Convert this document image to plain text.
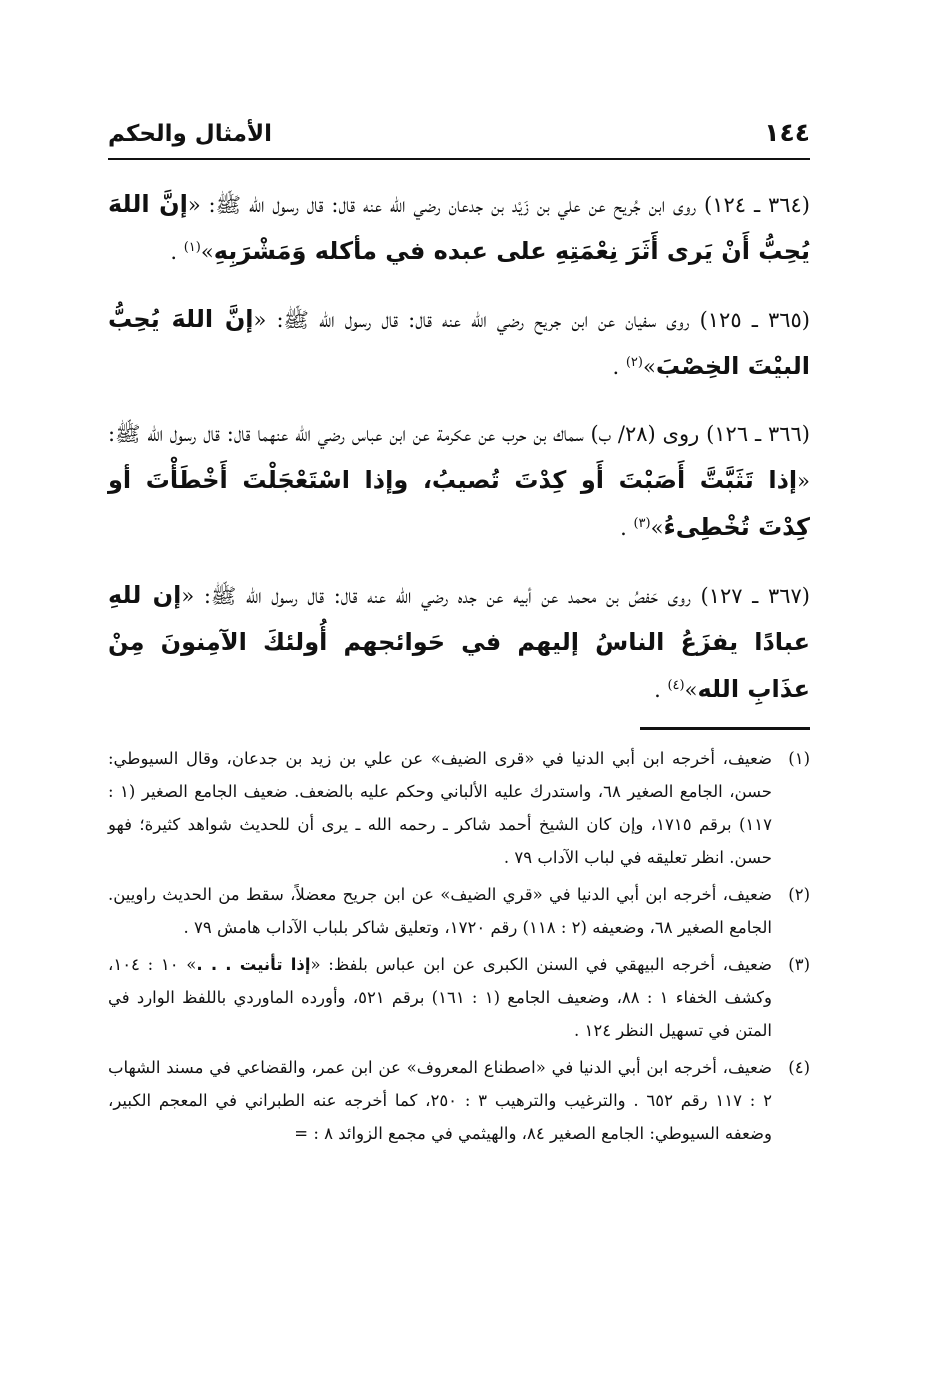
١٤٤
الأمثال والحكم

(٣٦٤ ـ ١٢٤) روى ابن جُريح عن علي بن زَيْد بن جدعان رضي الله عنه قال: قال رسول الله ﷺ: «إنَّ اللهَ يُحِبُّ أَنْ يَرى أَثَرَ نِعْمَتِهِ على عبده في مأكله وَمَشْرَبِهِ»$^{(١)}$ .

(٣٦٥ ـ ١٢٥) روى سفيان عن ابن جريح رضي الله عنه قال: قال رسول الله ﷺ: «إنَّ اللهَ يُحِبُّ البيْتَ الخِصْبَ»$^{(٢)}$ .

(٣٦٦ ـ ١٢٦) روى (٢٨/ ب) سماك بن حرب عن عكرمة عن ابن عباس رضي الله عنهما قال: قال رسول الله ﷺ: «إذا تَثَبَّتَّ أَصَبْتَ أَو كِدْتَ تُصيبُ، وإذا اسْتَعْجَلْتَ أَخْطَأْتَ أو كِدْتَ تُخْطِىءُ»$^{(٣)}$ .

(٣٦٧ ـ ١٢٧) روى حَفصُ بن محمد عن أبيه عن جده رضي الله عنه قال: قال رسول الله ﷺ: «إن للهِ عبادًا يفزَعُ الناسُ إليهم في حَوائجهم أُولئكَ الآمِنونَ مِنْ عذَابِ الله»$^{(٤)}$ .

(١)
ضعيف، أخرجه ابن أبي الدنيا في «قرى الضيف» عن علي بن زيد بن جدعان، وقال السيوطي: حسن، الجامع الصغير ٦٨، واستدرك عليه الألباني وحكم عليه بالضعف. ضعيف الجامع الصغير (١ : ١١٧) برقم ١٧١٥، وإن كان الشيخ أحمد شاكر ـ رحمه الله ـ يرى أن للحديث شواهد كثيرة؛ فهو حسن. انظر تعليقه في لباب الآداب ٧٩ .
(٢)
ضعيف، أخرجه ابن أبي الدنيا في «قري الضيف» عن ابن جريح معضلاً، سقط من الحديث راويين. الجامع الصغير ٦٨، وضعيفه (٢ : ١١٨) رقم ١٧٢٠، وتعليق شاكر بلباب الآداب هامش ٧٩ .
(٣)
ضعيف، أخرجه البيهقي في السنن الكبرى عن ابن عباس بلفظ: «إذا تأنيت . . .» ١٠ : ١٠٤، وكشف الخفاء ١ : ٨٨، وضعيف الجامع (١ : ١٦١) برقم ٥٢١، وأورده الماوردي باللفظ الوارد في المتن في تسهيل النظر ١٢٤ .
(٤)
ضعيف، أخرجه ابن أبي الدنيا في «اصطناع المعروف» عن ابن عمر، والقضاعي في مسند الشهاب ٢ : ١١٧ رقم ٦٥٢ . والترغيب والترهيب ٣ : ٢٥٠، كما أخرجه عنه الطبراني في المعجم الكبير، وضعفه السيوطي: الجامع الصغير ٨٤، والهيثمي في مجمع الزوائد ٨ : =
